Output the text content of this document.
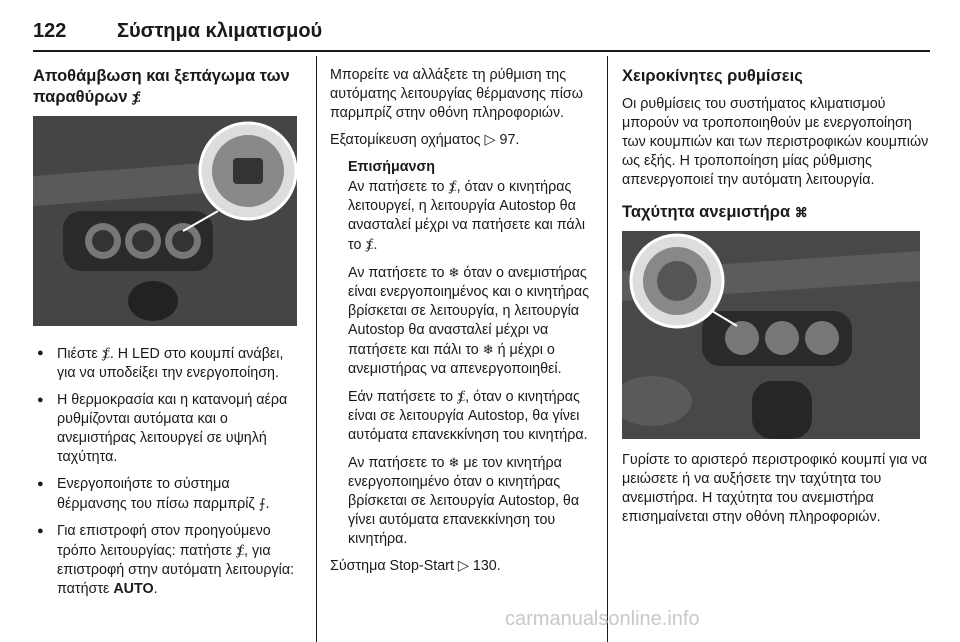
122	Σύστημα κλιματισμού
Αποθάμβωση και ξεπάγωμα των παραθύρων ⨋
● Πιέστε ⨋. Η LED στο κουμπί ανάβει, για να υποδείξει την ενεργοποίηση.
● Η θερμοκρασία και η κατανομή αέρα ρυθμίζονται αυτόματα και ο ανεμιστήρας λειτουργεί σε υψηλή ταχύτητα.
● Ενεργοποιήστε το σύστημα θέρμανσης του πίσω παρμπρίζ ⨍.
● Για επιστροφή στον προηγούμενο τρόπο λειτουργίας: πατήστε ⨋, για επιστροφή στην αυτόματη λειτουργία: πατήστε AUTO.

Μπορείτε να αλλάξετε τη ρύθμιση της αυτόματης λειτουργίας θέρμανσης πίσω παρμπρίζ στην οθόνη πληροφοριών.

Εξατομίκευση οχήματος ▷ 97.

Επισήμανση

Αν πατήσετε το ⨋, όταν ο κινητήρας λειτουργεί, η λειτουργία Autostop θα ανασταλεί μέχρι να πατήσετε και πάλι το ⨋.

Αν πατήσετε το ❄ όταν ο ανεμιστήρας είναι ενεργοποιημένος και ο κινητήρας βρίσκεται σε λειτουργία, η λειτουργία Autostop θα ανασταλεί μέχρι να πατήσετε και πάλι το ❄ ή μέχρι ο ανεμιστήρας να απενεργοποιηθεί.

Εάν πατήσετε το ⨋, όταν ο κινητήρας είναι σε λειτουργία Autostop, θα γίνει αυτόματα επανεκκίνηση του κινητήρα.

Αν πατήσετε το ❄ με τον κινητήρα ενεργοποιημένο όταν ο κινητήρας βρίσκεται σε λειτουργία Autostop, θα γίνει αυτόματα επανεκκίνηση του κινητήρα.

Σύστημα Stop-Start ▷ 130.

Χειροκίνητες ρυθμίσεις

Οι ρυθμίσεις του συστήματος κλιματισμού μπορούν να τροποποιηθούν με ενεργοποίηση των κουμπιών και των περιστροφικών κουμπιών ως εξής. Η τροποποίηση μίας ρύθμισης απενεργοποιεί την αυτόματη λειτουργία.

Ταχύτητα ανεμιστήρα ⌘

Γυρίστε το αριστερό περιστροφικό κουμπί για να μειώσετε ή να αυξήσετε την ταχύτητα του ανεμιστήρα. Η ταχύτητα του ανεμιστήρα επισημαίνεται στην οθόνη πληροφοριών.

carmanualsonline.info
